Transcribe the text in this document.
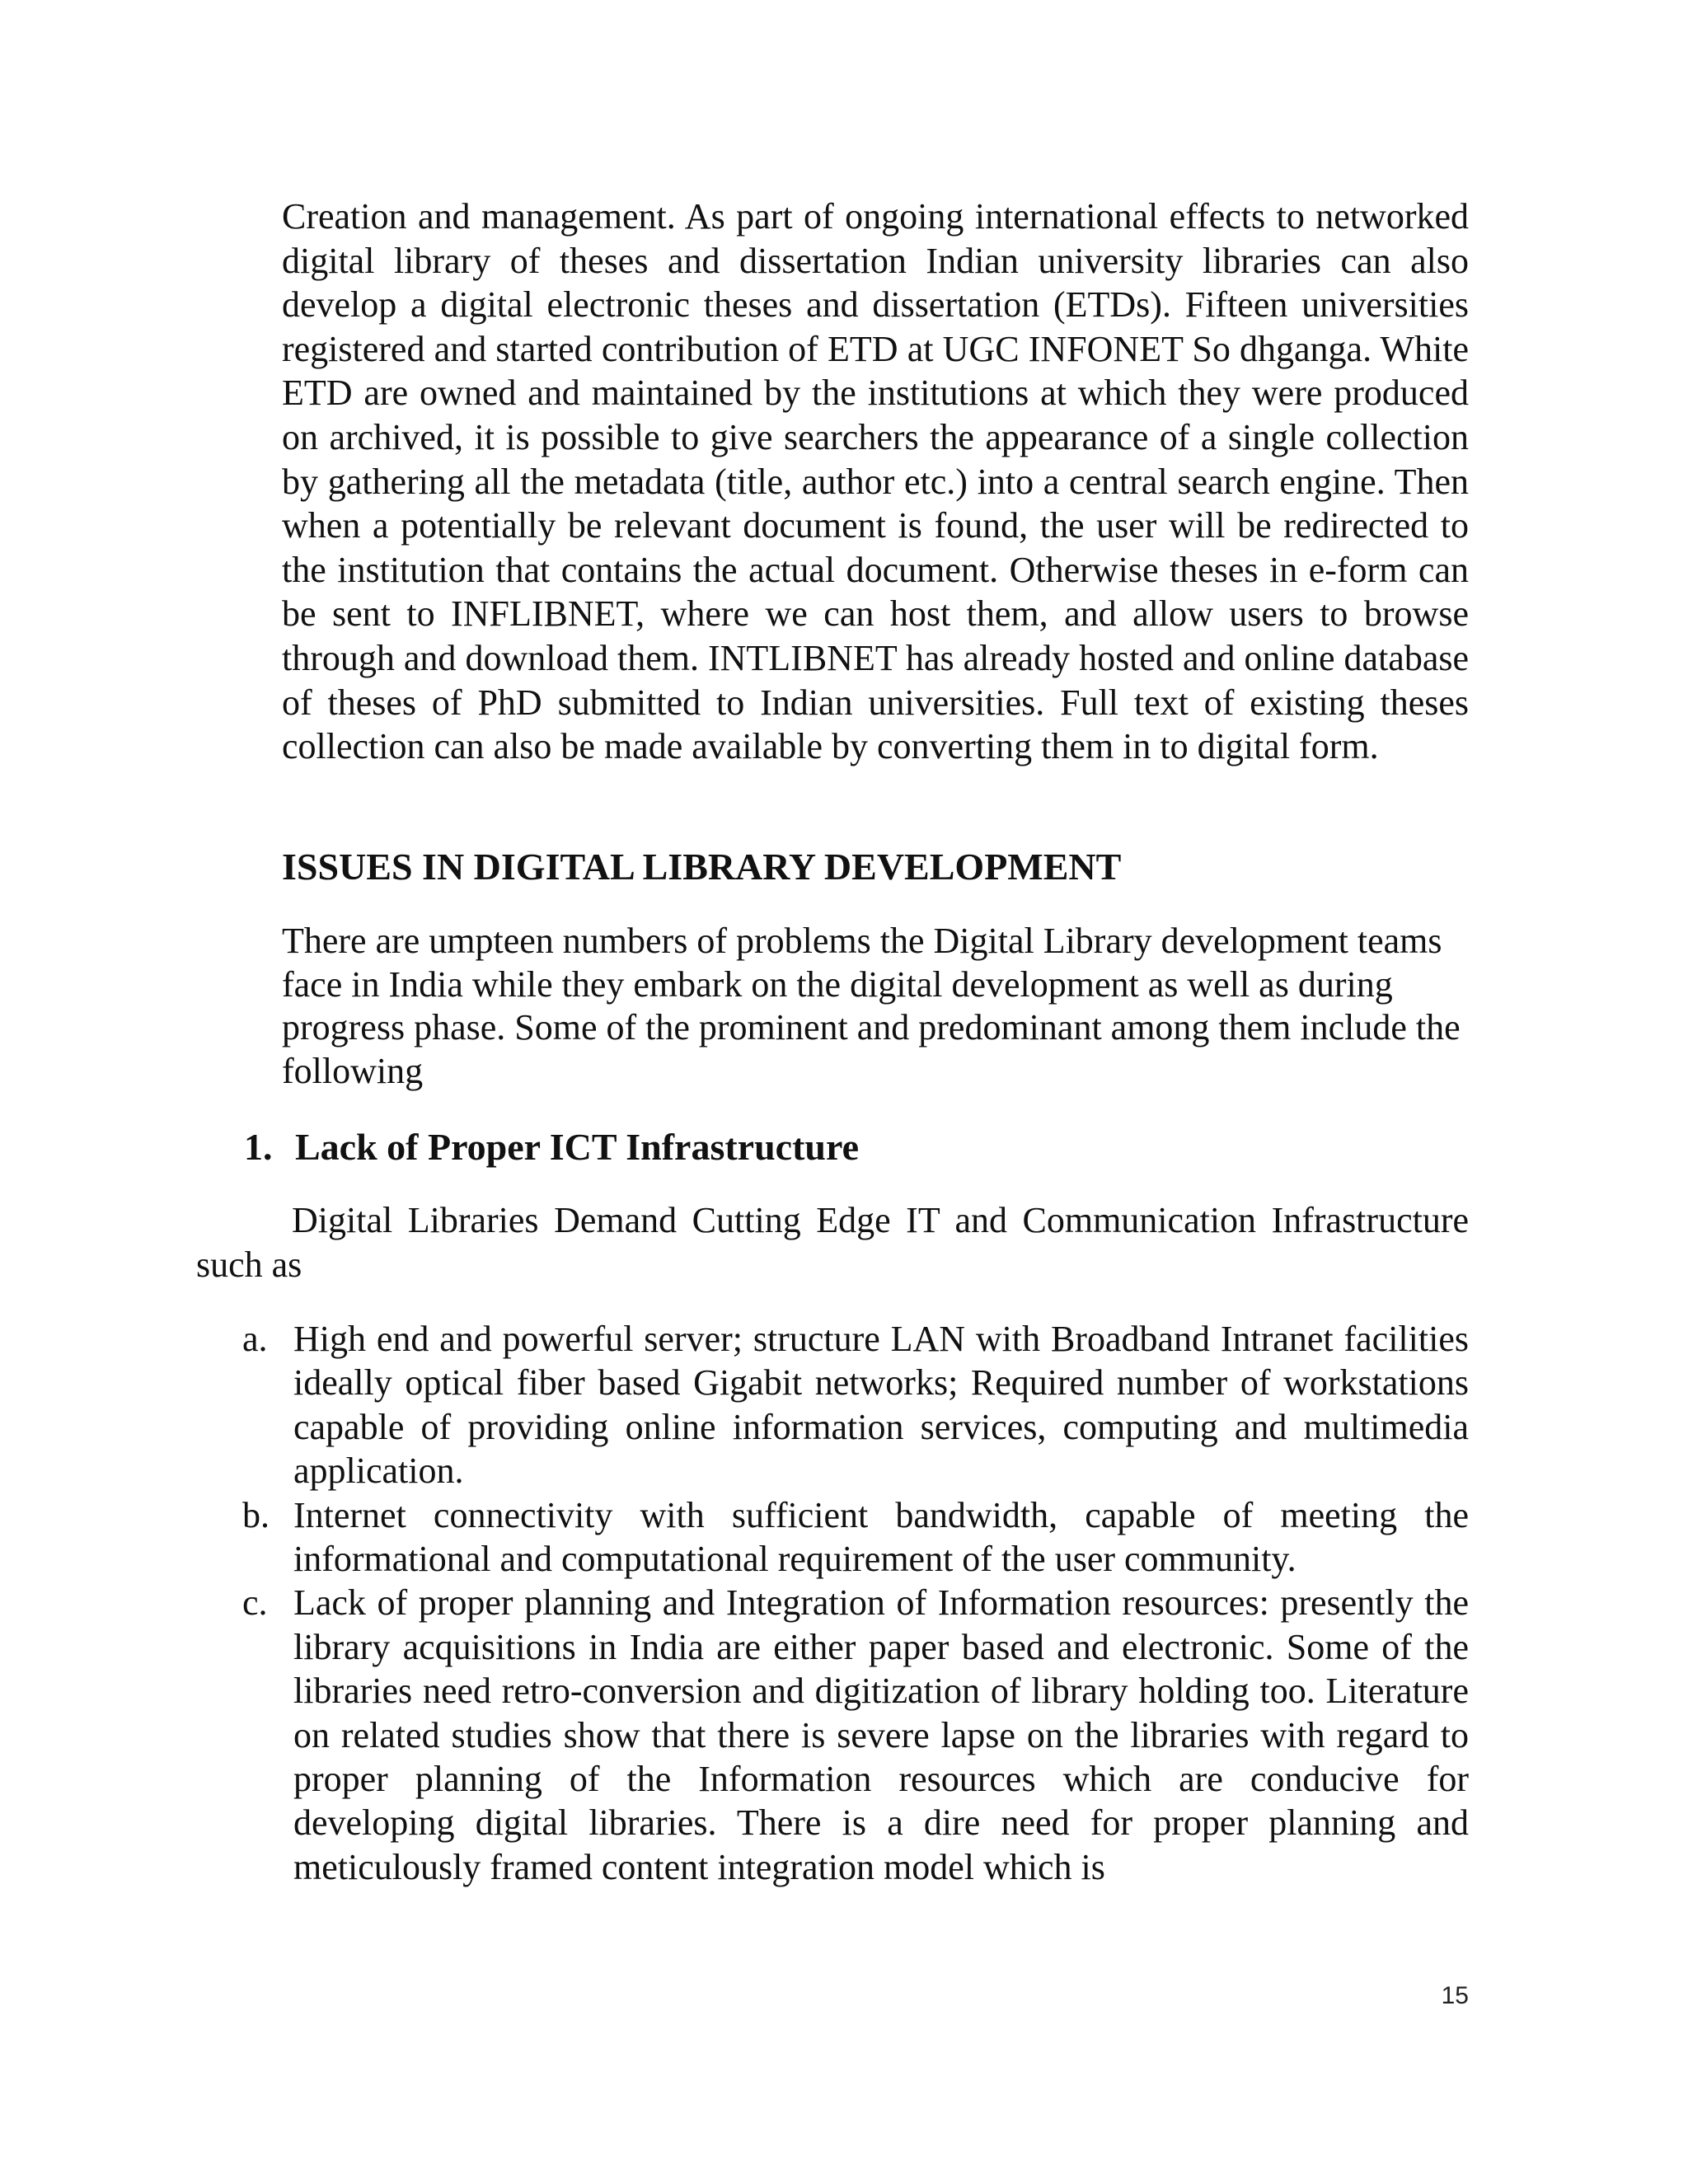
Creation and management. As part of ongoing international effects to networked digital library of theses and dissertation Indian university libraries can also develop a digital electronic theses and dissertation (ETDs). Fifteen universities registered and started contribution of ETD at UGC INFONET So dhganga. White ETD are owned and maintained by the institutions at which they were produced on archived, it is possible to give searchers the appearance of a single collection by gathering all the metadata (title, author etc.) into a central search engine. Then when a potentially be relevant document is found, the user will be redirected to the institution that contains the actual document. Otherwise theses in e-form can be sent to INFLIBNET, where we can host them, and allow users to browse through and download them. INTLIBNET has already hosted and online database of theses of PhD submitted to Indian universities. Full text of existing theses collection can also be made available by converting them in to digital form.

ISSUES IN DIGITAL LIBRARY DEVELOPMENT

There are umpteen numbers of problems the Digital Library development teams face in India while they embark on the digital development as well as during progress phase. Some of the prominent and predominant among them include the following

1. Lack of Proper ICT Infrastructure

Digital Libraries Demand Cutting Edge IT and Communication Infrastructure such as

a. High end and powerful server; structure LAN with Broadband Intranet facilities ideally optical fiber based Gigabit networks; Required number of workstations capable of providing online information services, computing and multimedia application.
b. Internet connectivity with sufficient bandwidth, capable of meeting the informational and computational requirement of the user community.
c. Lack of proper planning and Integration of Information resources: presently the library acquisitions in India are either paper based and electronic. Some of the libraries need retro-conversion and digitization of library holding too. Literature on related studies show that there is severe lapse on the libraries with regard to proper planning of the Information resources which are conducive for developing digital libraries. There is a dire need for proper planning and meticulously framed content integration model which is
15
